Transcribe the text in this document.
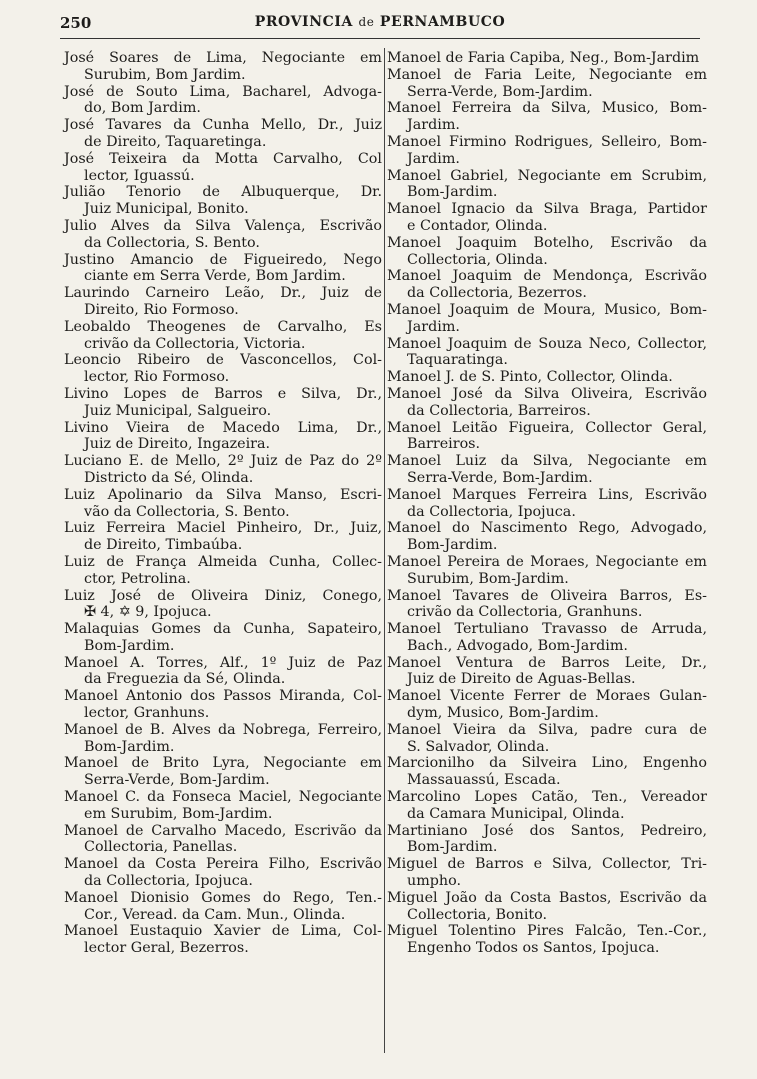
250	PROVINCIA de PERNAMBUCO
José Soares de Lima, Negociante em
Surubim, Bom Jardim.
José de Souto Lima, Bacharel, Advoga-
do, Bom Jardim.
José Tavares da Cunha Mello, Dr., Juiz
de Direito, Taquaretinga.
José Teixeira da Motta Carvalho, Col
lector, Iguassú.
Julião Tenorio de Albuquerque, Dr.
Juiz Municipal, Bonito.
Julio Alves da Silva Valença, Escrivão
da Collectoria, S. Bento.
Justino Amancio de Figueiredo, Nego
ciante em Serra Verde, Bom Jardim.
Laurindo Carneiro Leão, Dr., Juiz de
Direito, Rio Formoso.
Leobaldo Theogenes de Carvalho, Es
crivão da Collectoria, Victoria.
Leoncio Ribeiro de Vasconcellos, Col-
lector, Rio Formoso.
Livino Lopes de Barros e Silva, Dr.,
Juiz Municipal, Salgueiro.
Livino Vieira de Macedo Lima, Dr.,
Juiz de Direito, Ingazeira.
Luciano E. de Mello, 2º Juiz de Paz do 2º
Districto da Sé, Olinda.
Luiz Apolinario da Silva Manso, Escri-
vão da Collectoria, S. Bento.
Luiz Ferreira Maciel Pinheiro, Dr., Juiz,
de Direito, Timbaúba.
Luiz de França Almeida Cunha, Collec-
ctor, Petrolina.
Luiz José de Oliveira Diniz, Conego,
✠ 4, ✡ 9, Ipojuca.
Malaquias Gomes da Cunha, Sapateiro,
Bom-Jardim.
Manoel A. Torres, Alf., 1º Juiz de Paz
da Freguezia da Sé, Olinda.
Manoel Antonio dos Passos Miranda, Col-
lector, Granhuns.
Manoel de B. Alves da Nobrega, Ferreiro,
Bom-Jardim.
Manoel de Brito Lyra, Negociante em
Serra-Verde, Bom-Jardim.
Manoel C. da Fonseca Maciel, Negociante
em Surubim, Bom-Jardim.
Manoel de Carvalho Macedo, Escrivão da
Collectoria, Panellas.
Manoel da Costa Pereira Filho, Escrivão
da Collectoria, Ipojuca.
Manoel Dionisio Gomes do Rego, Ten.-
Cor., Veread. da Cam. Mun., Olinda.
Manoel Eustaquio Xavier de Lima, Col-
lector Geral, Bezerros.
Manoel de Faria Capiba, Neg., Bom-Jardim
Manoel de Faria Leite, Negociante em
Serra-Verde, Bom-Jardim.
Manoel Ferreira da Silva, Musico, Bom-
Jardim.
Manoel Firmino Rodrigues, Selleiro, Bom-
Jardim.
Manoel Gabriel, Negociante em Scrubim,
Bom-Jardim.
Manoel Ignacio da Silva Braga, Partidor
e Contador, Olinda.
Manoel Joaquim Botelho, Escrivão da
Collectoria, Olinda.
Manoel Joaquim de Mendonça, Escrivão
da Collectoria, Bezerros.
Manoel Joaquim de Moura, Musico, Bom-
Jardim.
Manoel Joaquim de Souza Neco, Collector,
Taquaratinga.
Manoel J. de S. Pinto, Collector, Olinda.
Manoel José da Silva Oliveira, Escrivão
da Collectoria, Barreiros.
Manoel Leitão Figueira, Collector Geral,
Barreiros.
Manoel Luiz da Silva, Negociante em
Serra-Verde, Bom-Jardim.
Manoel Marques Ferreira Lins, Escrivão
da Collectoria, Ipojuca.
Manoel do Nascimento Rego, Advogado,
Bom-Jardim.
Manoel Pereira de Moraes, Negociante em
Surubim, Bom-Jardim.
Manoel Tavares de Oliveira Barros, Es-
crivão da Collectoria, Granhuns.
Manoel Tertuliano Travasso de Arruda,
Bach., Advogado, Bom-Jardim.
Manoel Ventura de Barros Leite, Dr.,
Juiz de Direito de Aguas-Bellas.
Manoel Vicente Ferrer de Moraes Gulan-
dym, Musico, Bom-Jardim.
Manoel Vieira da Silva, padre cura de
S. Salvador, Olinda.
Marcionilho da Silveira Lino, Engenho
Massauassú, Escada.
Marcolino Lopes Catão, Ten., Vereador
da Camara Municipal, Olinda.
Martiniano José dos Santos, Pedreiro,
Bom-Jardim.
Miguel de Barros e Silva, Collector, Tri-
umpho.
Miguel João da Costa Bastos, Escrivão da
Collectoria, Bonito.
Miguel Tolentino Pires Falcão, Ten.-Cor.,
Engenho Todos os Santos, Ipojuca.
